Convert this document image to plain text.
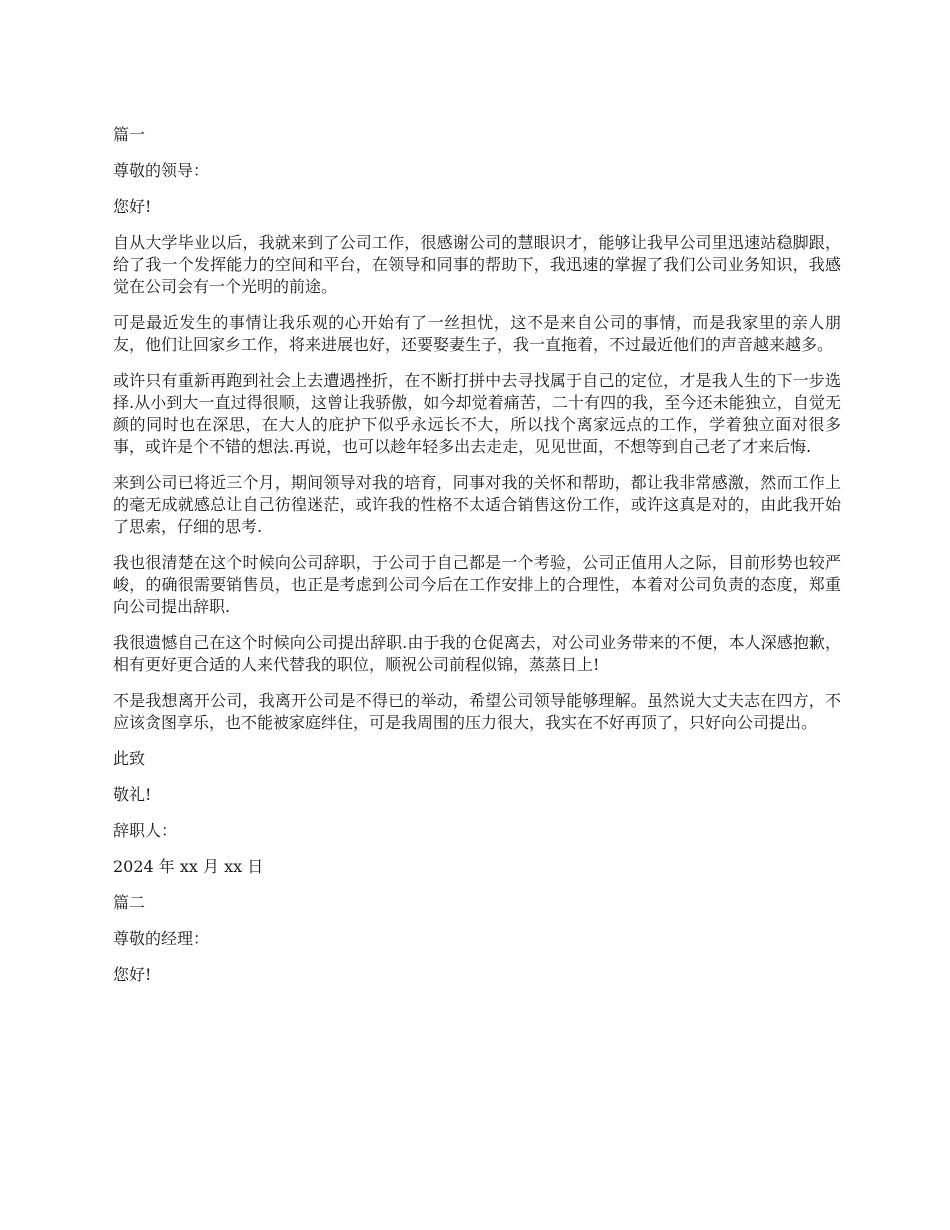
篇一

尊敬的领导：

您好!

自从大学毕业以后，我就来到了公司工作，很感谢公司的慧眼识才，能够让我早公司里迅速站稳脚跟，给了我一个发挥能力的空间和平台，在领导和同事的帮助下，我迅速的掌握了我们公司业务知识，我感觉在公司会有一个光明的前途。

可是最近发生的事情让我乐观的心开始有了一丝担忧，这不是来自公司的事情，而是我家里的亲人朋友，他们让回家乡工作，将来进展也好，还要娶妻生子，我一直拖着，不过最近他们的声音越来越多。

或许只有重新再跑到社会上去遭遇挫折，在不断打拼中去寻找属于自己的定位，才是我人生的下一步选择.从小到大一直过得很顺，这曾让我骄傲，如今却觉着痛苦，二十有四的我，至今还未能独立，自觉无颜的同时也在深思，在大人的庇护下似乎永远长不大，所以找个离家远点的工作，学着独立面对很多事，或许是个不错的想法.再说，也可以趁年轻多出去走走，见见世面，不想等到自己老了才来后悔.

来到公司已将近三个月，期间领导对我的培育，同事对我的关怀和帮助，都让我非常感激，然而工作上的毫无成就感总让自己彷徨迷茫，或许我的性格不太适合销售这份工作，或许这真是对的，由此我开始了思索，仔细的思考.

我也很清楚在这个时候向公司辞职，于公司于自己都是一个考验，公司正值用人之际，目前形势也较严峻，的确很需要销售员，也正是考虑到公司今后在工作安排上的合理性，本着对公司负责的态度，郑重向公司提出辞职.

我很遗憾自己在这个时候向公司提出辞职.由于我的仓促离去，对公司业务带来的不便，本人深感抱歉，相有更好更合适的人来代替我的职位，顺祝公司前程似锦，蒸蒸日上!

不是我想离开公司，我离开公司是不得已的举动，希望公司领导能够理解。虽然说大丈夫志在四方，不应该贪图享乐，也不能被家庭绊住，可是我周围的压力很大，我实在不好再顶了，只好向公司提出。

此致

敬礼!

辞职人：

2024 年 xx 月 xx 日

篇二

尊敬的经理：

您好!
